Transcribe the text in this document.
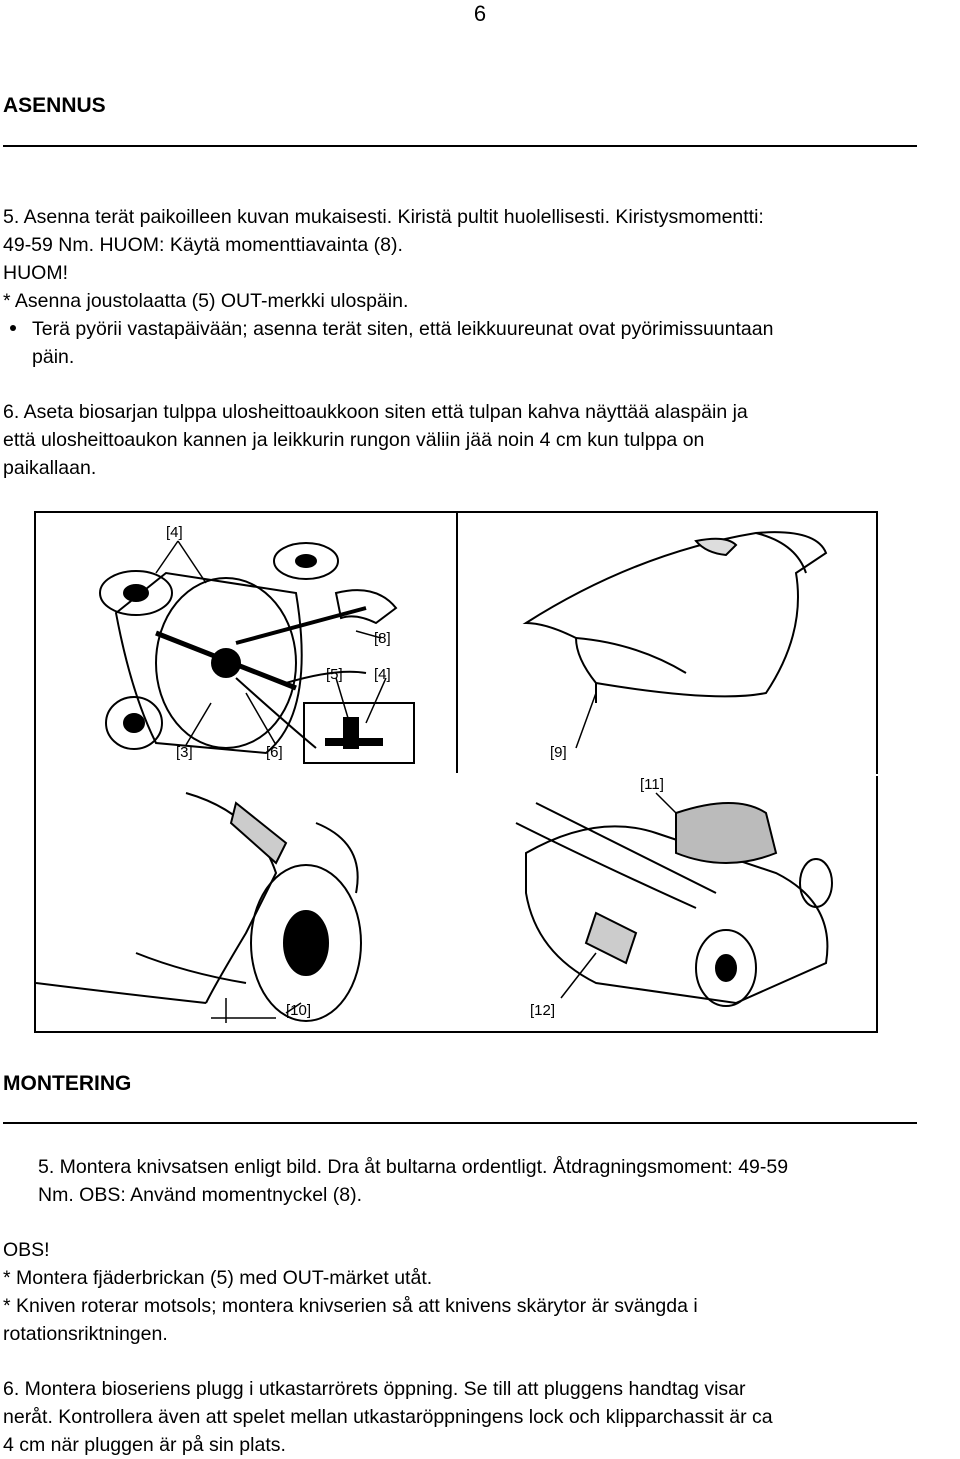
6
ASENNUS
5. Asenna terät paikoilleen kuvan mukaisesti. Kiristä pultit huolellisesti. Kiristysmomentti:
49-59 Nm. HUOM: Käytä momenttiavainta (8).
HUOM!
* Asenna joustolaatta (5) OUT-merkki ulospäin.
Terä pyörii vastapäivään; asenna terät siten, että leikkuureunat ovat pyörimissuuntaan
päin.
6. Aseta biosarjan tulppa ulosheittoaukkoon siten että tulpan kahva näyttää alaspäin ja
että ulosheittoaukon kannen ja leikkurin rungon väliin jää noin 4 cm kun tulppa on
paikallaan.
[4]
[8]
[5] [4]
[3]	[6]	[9]
[10]
[11]
[12]
MONTERING
5. Montera knivsatsen enligt bild. Dra åt bultarna ordentligt. Åtdragningsmoment: 49-59
Nm. OBS: Använd momentnyckel (8).
OBS!
* Montera fjäderbrickan (5) med OUT-märket utåt.
* Kniven roterar motsols; montera knivserien så att knivens skärytor är svängda i
rotationsriktningen.
6. Montera bioseriens plugg i utkastarrörets öppning. Se till att pluggens handtag visar
neråt. Kontrollera även att spelet mellan utkastaröppningens lock och klipparchassit är ca
4 cm när pluggen är på sin plats.
